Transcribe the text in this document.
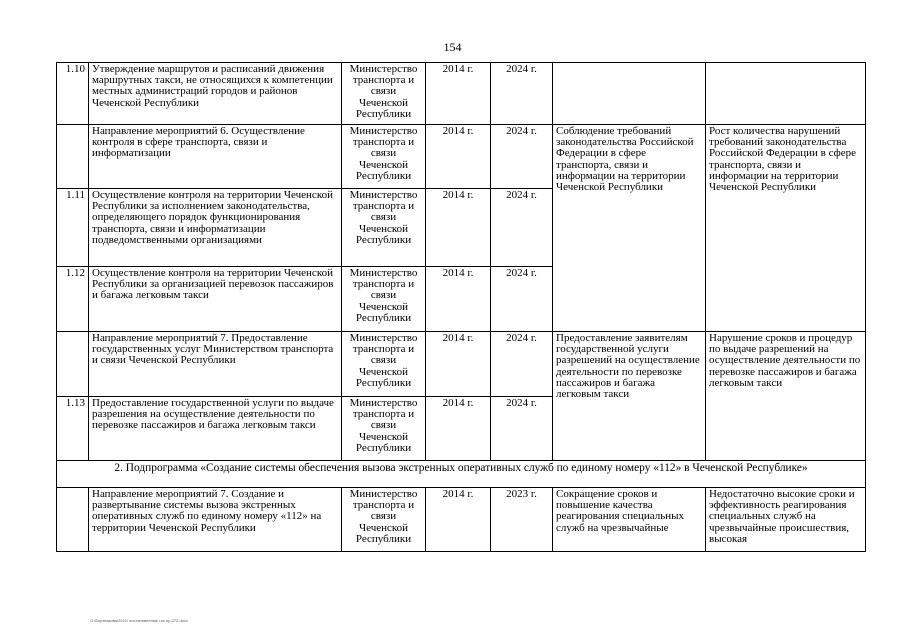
154
1.10	Утверждение маршрутов и расписаний движения маршрутных такси, не относящихся к компетенции местных администраций городов и районов Чеченской Республики	Министерство транспорта и связи Чеченской Республики	2014 г.	2024 г.		
	Направление мероприятий 6. Осуществление контроля в сфере транспорта, связи и информатизации	Министерство транспорта и связи Чеченской Республики	2014 г.	2024 г.	Соблюдение требований законодательства Российской Федерации в сфере транспорта, связи и информации на территории Чеченской Республики	Рост количества нарушений требований законодательства Российской Федерации в сфере транспорта, связи и информации на территории Чеченской Республики
1.11	Осуществление контроля на территории Чеченской Республики за исполнением законодательства, определяющего порядок функционирования транспорта, связи и информатизации подведомственными организациями	Министерство транспорта и связи Чеченской Республики	2014 г.	2024 г.		
1.12	Осуществление контроля на территории Чеченской Республики за организацией перевозок пассажиров и багажа легковым такси	Министерство транспорта и связи Чеченской Республики	2014 г.	2024 г.		
	Направление мероприятий 7. Предоставление государственных услуг Министерством транспорта и связи Чеченской Республики	Министерство транспорта и связи Чеченской Республики	2014 г.	2024 г.	Предоставление заявителям государственной услуги разрешений на осуществление деятельности по перевозке пассажиров и багажа легковым такси	Нарушение сроков и процедур по выдаче разрешений на осуществление деятельности по перевозке пассажиров и багажа легковым такси
1.13	Предоставление государственной услуги по выдаче разрешения на осуществление деятельности по перевозке пассажиров и багажа легковым такси	Министерство транспорта и связи Чеченской Республики	2014 г.	2024 г.		
2. Подпрограмма «Создание системы обеспечения вызова экстренных оперативных служб по единому номеру «112» в Чеченской Республике»						
	Направление мероприятий 7. Создание и развертывание системы вызова экстренных оперативных служб по единому номеру «112» на территории Чеченской Республики	Министерство транспорта и связи Чеченской Республики	2014 г.	2023 г.	Сокращение сроков и повышение качества реагирования специальных служб на чрезвычайные	Недостаточно высокие сроки и эффективность реагирования специальных служб на чрезвычайные происшествия, высокая
G:\Бертнакова\2021\ постановления\ гос.пр.372.docx
